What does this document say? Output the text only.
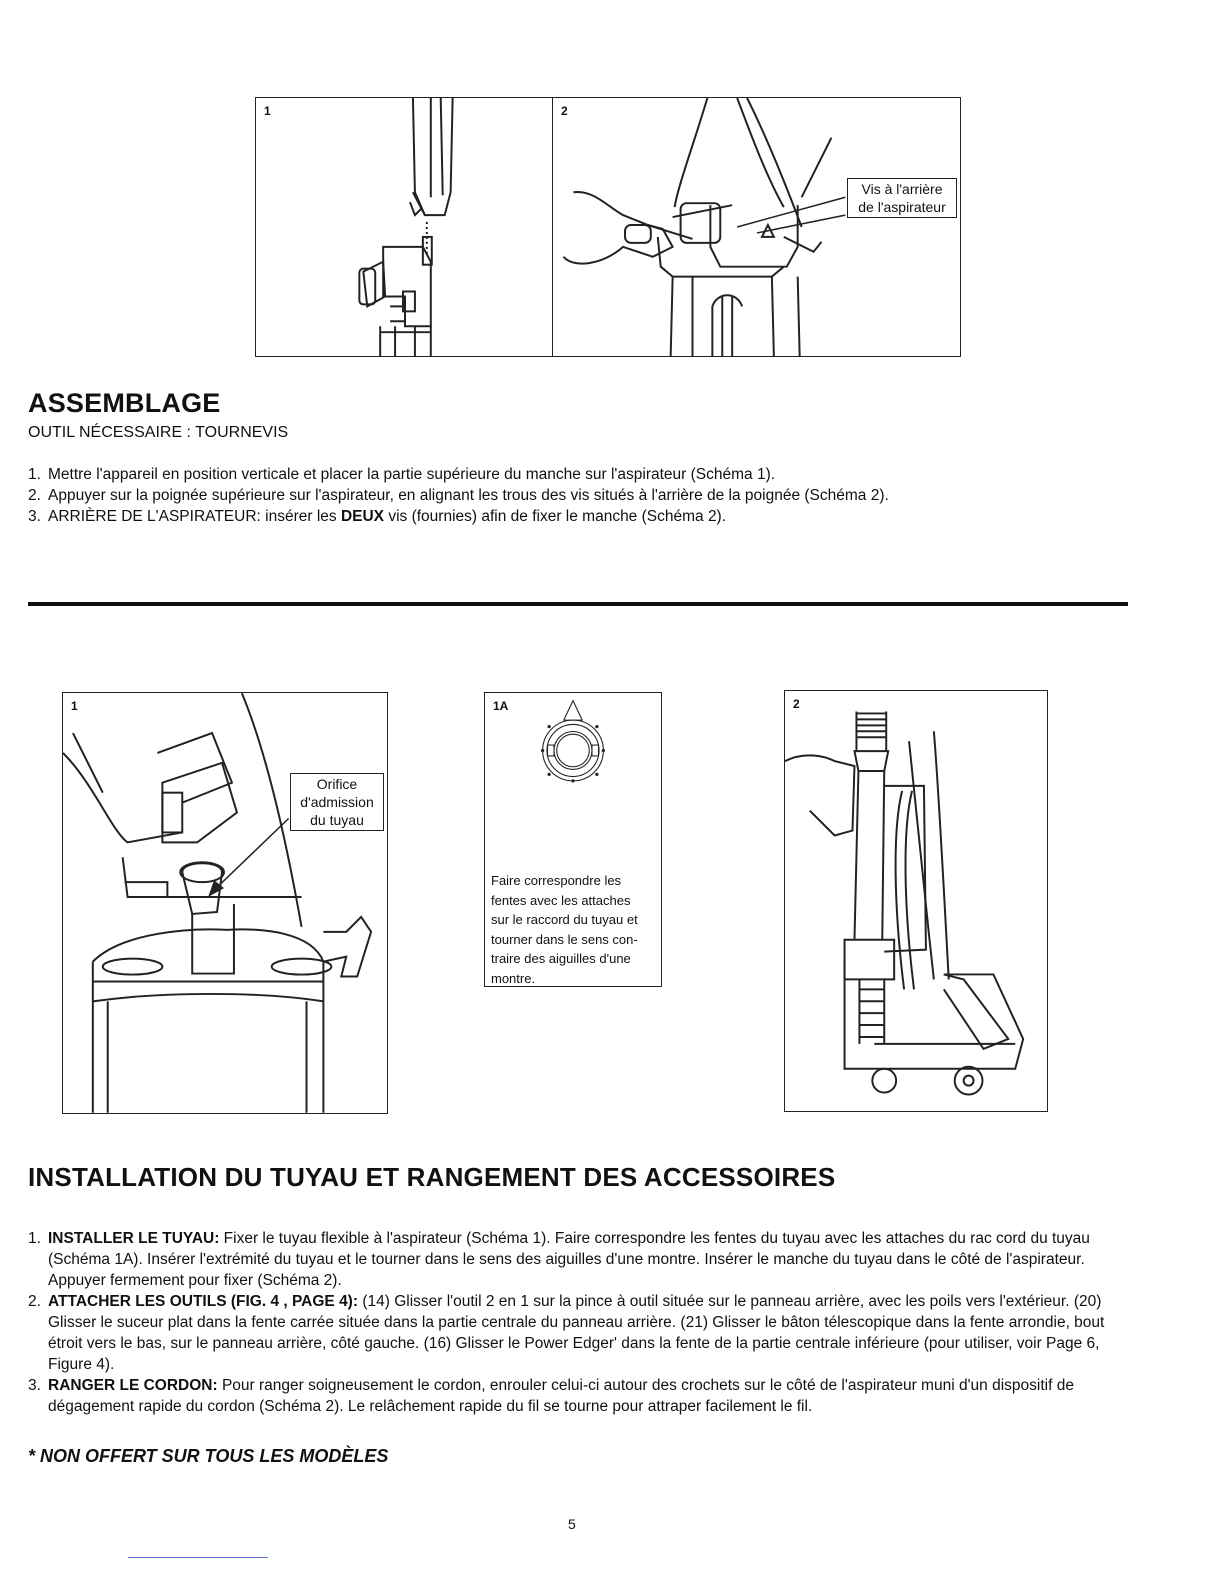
1	2
Vis à l'arrière
de l'aspirateur
ASSEMBLAGE
OUTIL NÉCESSAIRE : TOURNEVIS
1. Mettre l'appareil en position verticale et placer la partie supérieure du manche sur l'aspirateur (Schéma 1).
2. Appuyer sur la poignée supérieure sur l'aspirateur, en alignant les trous des vis situés à l'arrière de la poignée (Schéma 2).
3. ARRIÈRE DE L'ASPIRATEUR: insérer les DEUX vis (fournies) afin de fixer le manche (Schéma 2).
1
Orifice
d'admission
du tuyau
1A
Faire correspondre les
fentes avec les attaches
sur le raccord du tuyau et
tourner dans le sens con-
traire des aiguilles d'une
montre.
2
INSTALLATION DU TUYAU ET RANGEMENT DES ACCESSOIRES
1. INSTALLER LE TUYAU: Fixer le tuyau flexible à l'aspirateur (Schéma 1). Faire correspondre les fentes du tuyau avec les attaches du rac cord du tuyau (Schéma 1A). Insérer l'extrémité du tuyau et le tourner dans le sens des aiguilles d'une montre. Insérer le manche du tuyau dans le côté de l'aspirateur. Appuyer fermement pour fixer (Schéma 2).
2. ATTACHER LES OUTILS (FIG. 4 , PAGE 4): (14) Glisser l'outil 2 en 1 sur la pince à outil située sur le panneau arrière, avec les poils vers l'extérieur. (20) Glisser le suceur plat dans la fente carrée située dans la partie centrale du panneau arrière. (21) Glisser le bâton télescopique dans la fente arrondie, bout étroit vers le bas, sur le panneau arrière, côté gauche. (16) Glisser le Power Edger' dans la fente de la partie centrale inférieure (pour utiliser, voir Page 6, Figure 4).
3. RANGER LE CORDON: Pour ranger soigneusement le cordon, enrouler celui-ci autour des crochets sur le côté de l'aspirateur muni d'un dispositif de dégagement rapide du cordon (Schéma 2). Le relâchement rapide du fil se tourne pour attraper facilement le fil.
* NON OFFERT SUR TOUS LES MODÈLES
5
